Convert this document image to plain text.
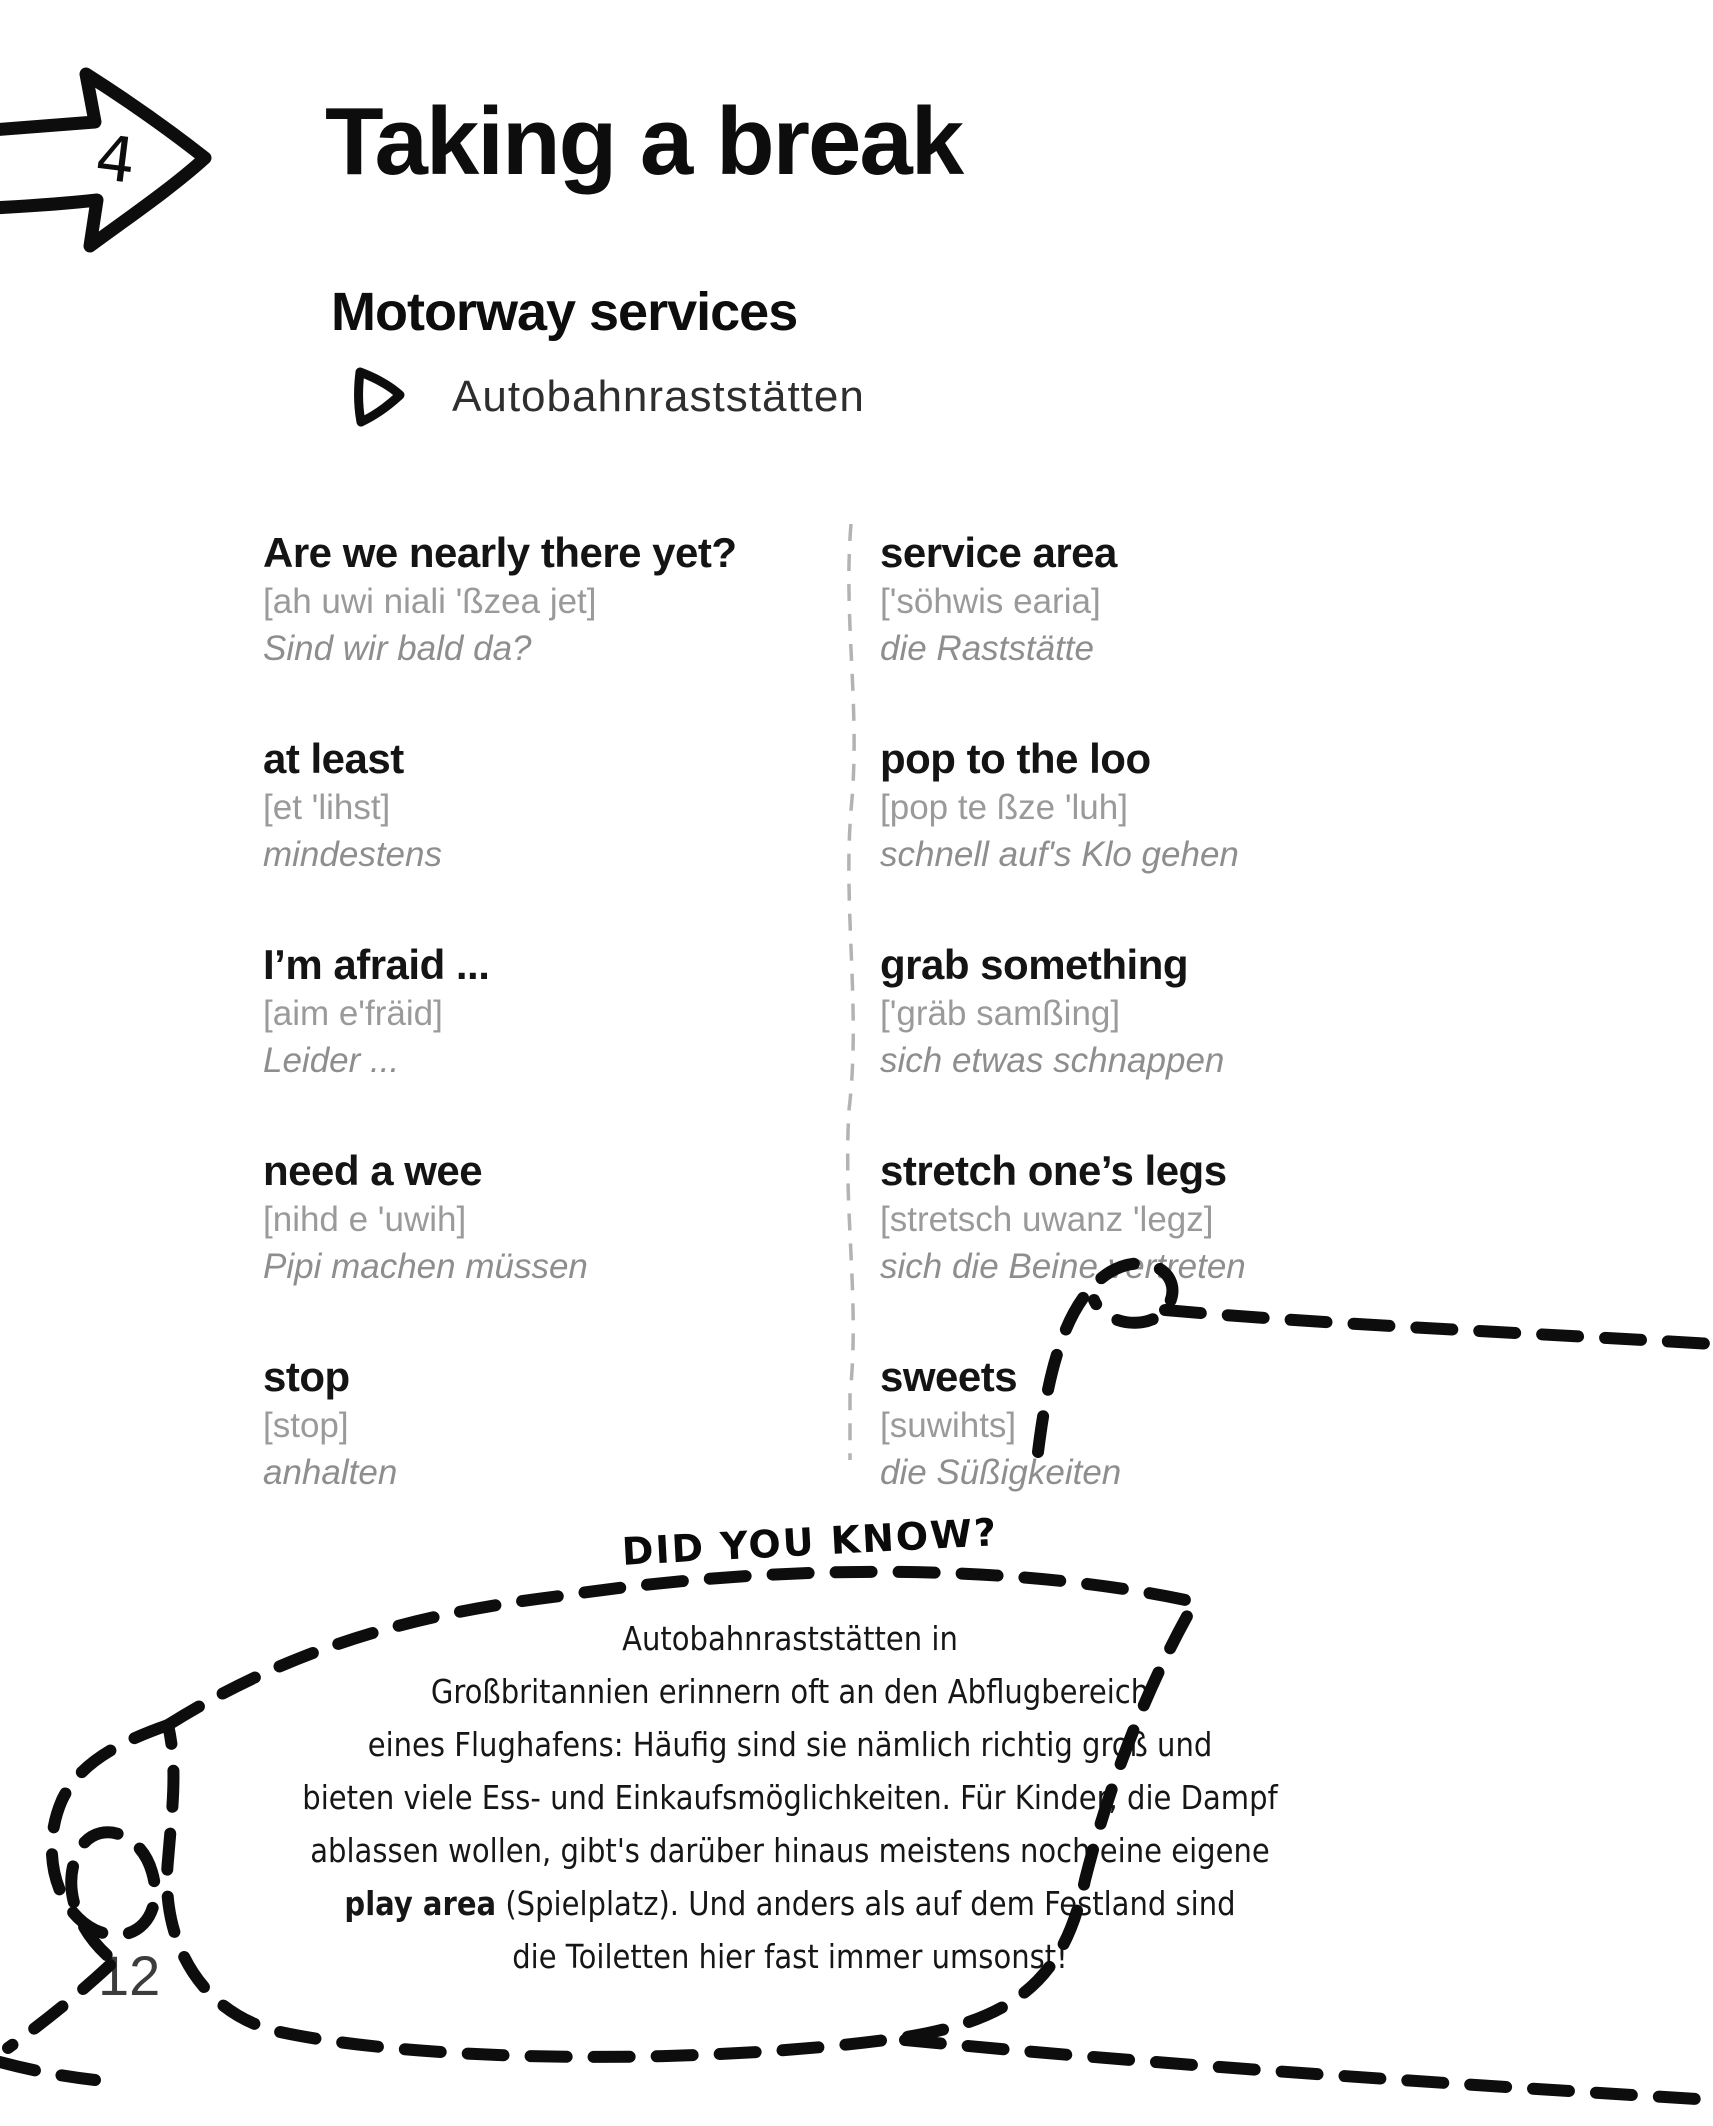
4 Taking a break
Motorway services
Autobahnraststätten
Are we nearly there yet?
[ah uwi niali 'ßzea jet]
Sind wir bald da?
at least
[et 'lihst]
mindestens
I’m afraid ...
[aim e'fräid]
Leider ...
need a wee
[nihd e 'uwih]
Pipi machen müssen
stop
[stop]
anhalten
service area
['söhwis earia]
die Raststätte
pop to the loo
[pop te ßze 'luh]
schnell auf's Klo gehen
grab something
['gräb samßing]
sich etwas schnappen
stretch one’s legs
[stretsch uwanz 'legz]
sich die Beine vertreten
sweets
[suwihts]
die Süßigkeiten
DID YOU KNOW?
Autobahnraststätten in
Großbritannien erinnern oft an den Abflugbereich
eines Flughafens: Häufig sind sie nämlich richtig groß und
bieten viele Ess- und Einkaufsmöglichkeiten. Für Kinder, die Dampf
ablassen wollen, gibt's darüber hinaus meistens noch eine eigene
play area (Spielplatz). Und anders als auf dem Festland sind
die Toiletten hier fast immer umsonst!
12
